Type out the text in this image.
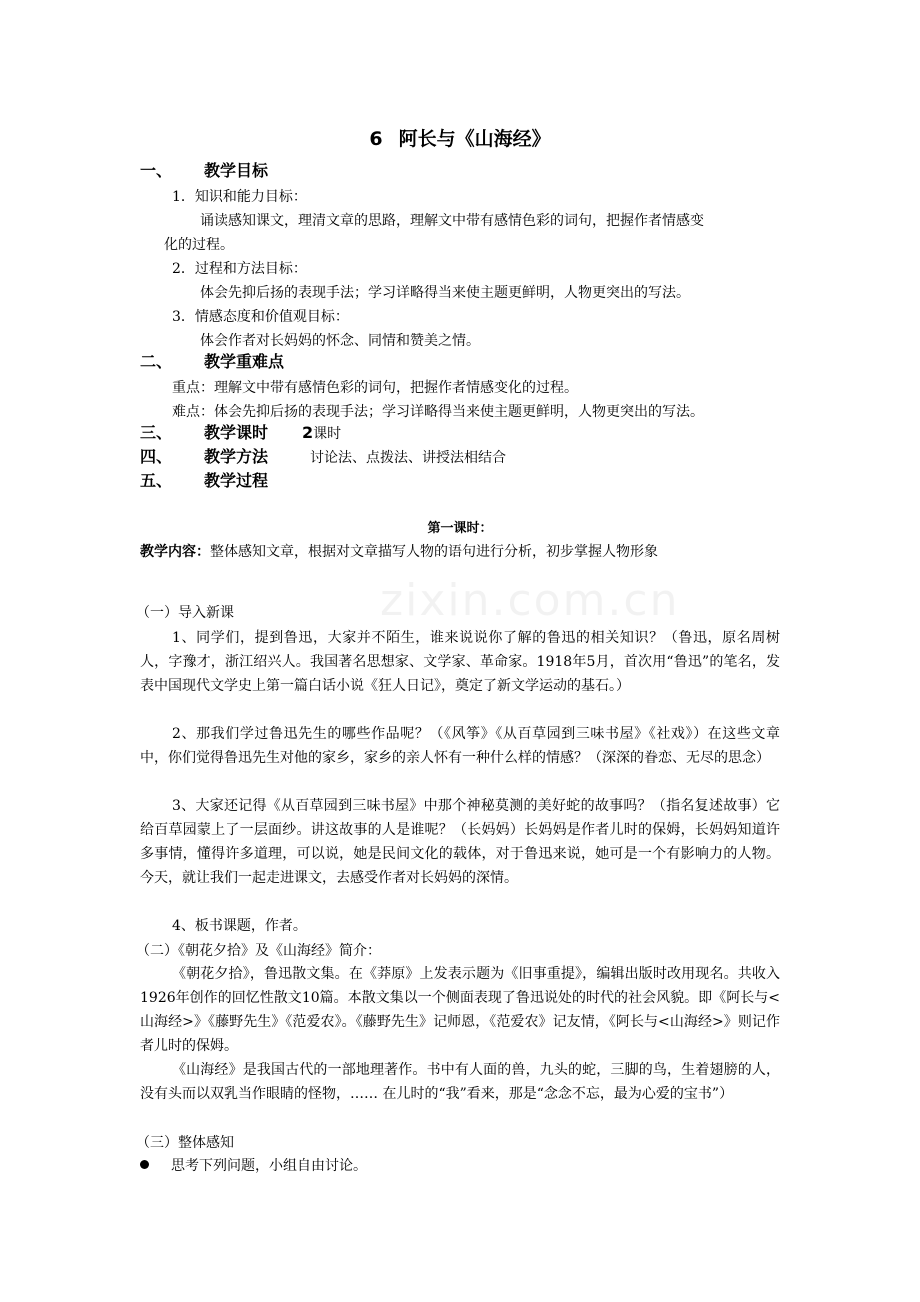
zixin.com.cn
6 阿长与《山海经》
一、 教学目标
1．知识和能力目标：
诵读感知课文，理清文章的思路，理解文中带有感情色彩的词句，把握作者情感变
化的过程。
2．过程和方法目标：
体会先抑后扬的表现手法；学习详略得当来使主题更鲜明，人物更突出的写法。
3．情感态度和价值观目标：
体会作者对长妈妈的怀念、同情和赞美之情。
二、 教学重难点
重点：理解文中带有感情色彩的词句，把握作者情感变化的过程。
难点：体会先抑后扬的表现手法；学习详略得当来使主题更鲜明，人物更突出的写法。
三、 教学课时 2课时
四、 教学方法	讨论法、点拨法、讲授法相结合
五、 教学过程
第一课时：
教学内容：整体感知文章，根据对文章描写人物的语句进行分析，初步掌握人物形象
（一）导入新课
1、同学们，提到鲁迅，大家并不陌生，谁来说说你了解的鲁迅的相关知识？（鲁迅，原名周树人，字豫才，浙江绍兴人。我国著名思想家、文学家、革命家。1918年5月，首次用“鲁迅”的笔名，发表中国现代文学史上第一篇白话小说《狂人日记》，奠定了新文学运动的基石。）
2、那我们学过鲁迅先生的哪些作品呢？（《风筝》《从百草园到三味书屋》《社戏》）在这些文章中，你们觉得鲁迅先生对他的家乡，家乡的亲人怀有一种什么样的情感？（深深的眷恋、无尽的思念）
3、大家还记得《从百草园到三味书屋》中那个神秘莫测的美好蛇的故事吗？（指名复述故事）它给百草园蒙上了一层面纱。讲这故事的人是谁呢？（长妈妈）长妈妈是作者儿时的保姆，长妈妈知道许多事情，懂得许多道理，可以说，她是民间文化的载体，对于鲁迅来说，她可是一个有影响力的人物。今天，就让我们一起走进课文，去感受作者对长妈妈的深情。
4、板书课题，作者。
（二）《朝花夕拾》及《山海经》简介：
《朝花夕拾》，鲁迅散文集。在《莽原》上发表示题为《旧事重提》，编辑出版时改用现名。共收入1926年创作的回忆性散文10篇。本散文集以一个侧面表现了鲁迅说处的时代的社会风貌。即《阿长与<山海经>》《藤野先生》《范爱农》。《藤野先生》记师恩，《范爱农》记友情，《阿长与<山海经>》则记作者儿时的保姆。
《山海经》是我国古代的一部地理著作。书中有人面的兽，九头的蛇，三脚的鸟，生着翅膀的人，没有头而以双乳当作眼睛的怪物，…… 在儿时的“我”看来，那是“念念不忘，最为心爱的宝书”）
（三）整体感知
思考下列问题，小组自由讨论。
